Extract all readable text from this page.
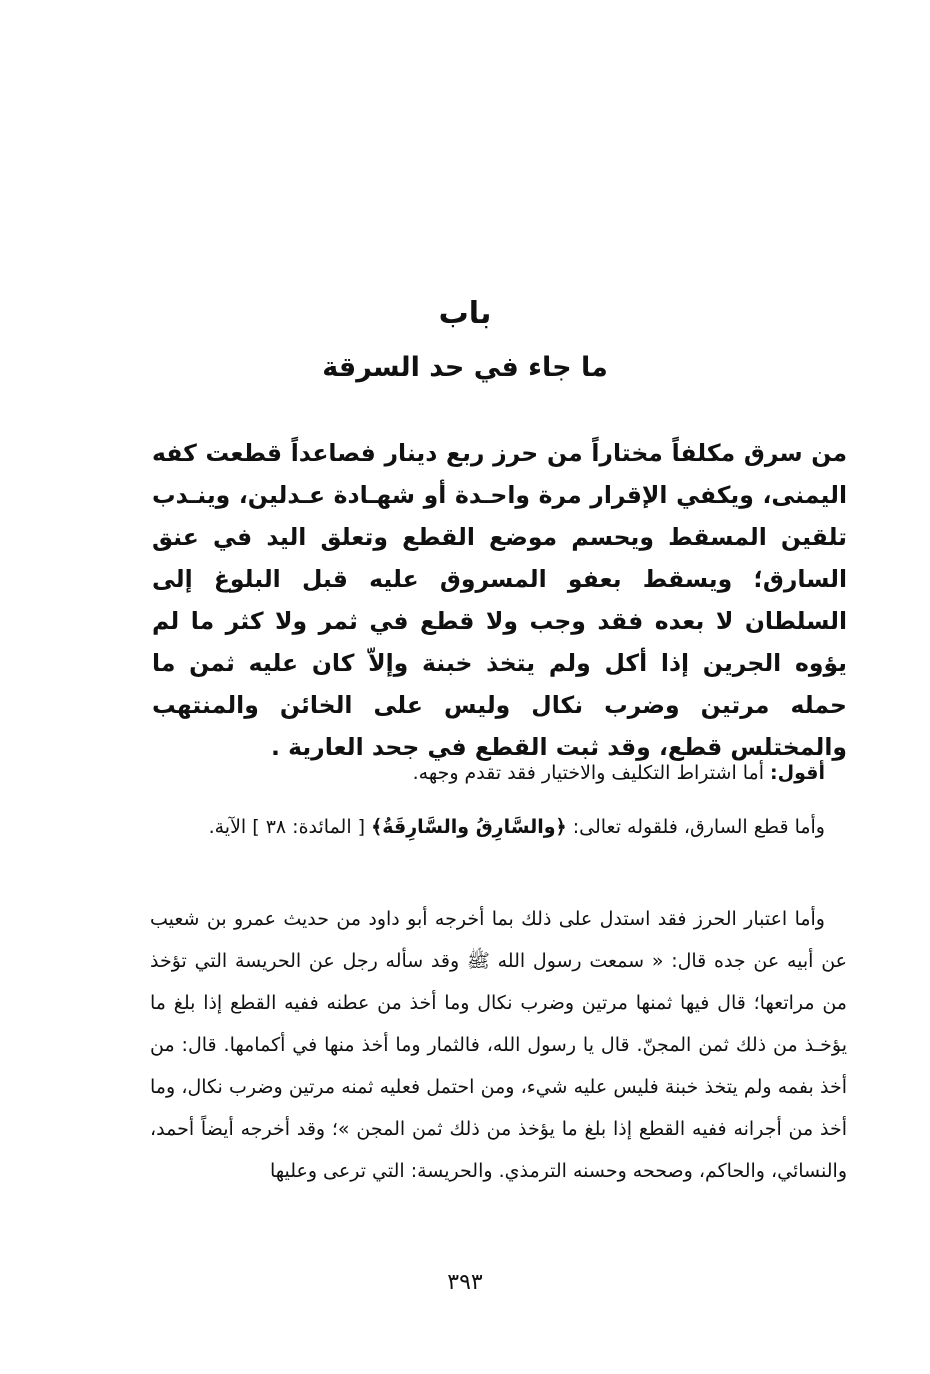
باب
ما جاء في حد السرقة
من سرق مكلفاً مختاراً من حرز ربع دينار فصاعداً قطعت كفه اليمنى، ويكفي الإقرار مرة واحـدة أو شهـادة عـدلين، وينـدب تلقين المسقط ويحسم موضع القطع وتعلق اليد في عنق السارق؛ ويسقط بعفو المسروق عليه قبل البلوغ إلى السلطان لا بعده فقد وجب ولا قطع في ثمر ولا كثر ما لم يؤوه الجرين إذا أكل ولم يتخذ خبنة وإلاّ كان عليه ثمن ما حمله مرتين وضرب نكال وليس على الخائن والمنتهب والمختلس قطع، وقد ثبت القطع في جحد العارية .
أقول: أما اشتراط التكليف والاختيار فقد تقدم وجهه.
وأما قطع السارق، فلقوله تعالى: ﴿والسَّارِقُ والسَّارِقَةُ﴾ [ المائدة: ٣٨ ] الآية.
وأما اعتبار الحرز فقد استدل على ذلك بما أخرجه أبو داود من حديث عمرو بن شعيب عن أبيه عن جده قال: « سمعت رسول الله ﷺ وقد سأله رجل عن الحريسة التي تؤخذ من مراتعها؛ قال فيها ثمنها مرتين وضرب نكال وما أخذ من عطنه ففيه القطع إذا بلغ ما يؤخـذ من ذلك ثمن المجنّ. قال يا رسول الله، فالثمار وما أخذ منها في أكمامها. قال: من أخذ بفمه ولم يتخذ خبنة فليس عليه شيء، ومن احتمل فعليه ثمنه مرتين وضرب نكال، وما أخذ من أجرانه ففيه القطع إذا بلغ ما يؤخذ من ذلك ثمن المجن »؛ وقد أخرجه أيضاً أحمد، والنسائي، والحاكم، وصححه وحسنه الترمذي. والحريسة: التي ترعى وعليها
٣٩٣
